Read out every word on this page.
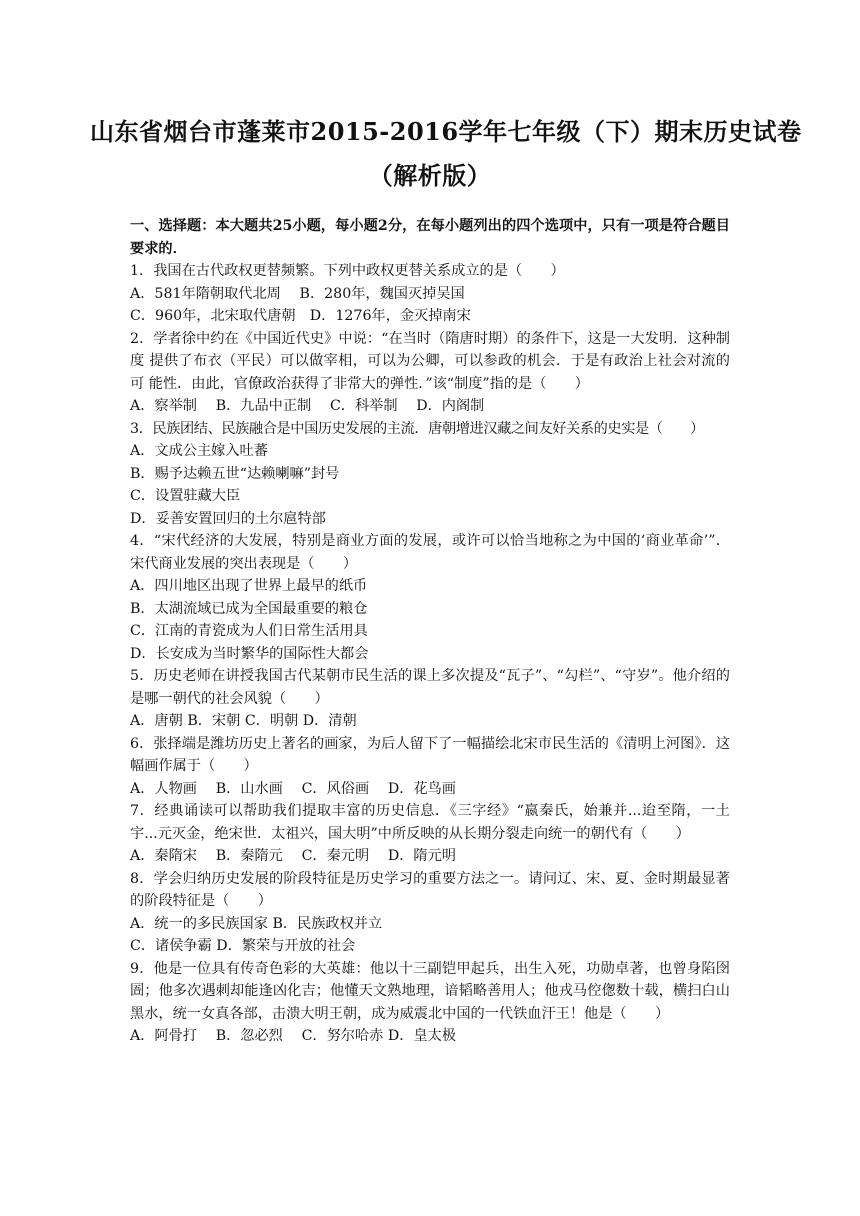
山东省烟台市蓬莱市2015-2016学年七年级（下）期末历史试卷
（解析版）
一、选择题：本大题共25小题，每小题2分，在每小题列出的四个选项中，只有一项是符合题目要求的．
1．我国在古代政权更替频繁。下列中政权更替关系成立的是（　　）
A．581年隋朝取代北周　 B．280年，魏国灭掉吴国
C．960年，北宋取代唐朝　D．1276年，金灭掉南宋
2．学者徐中约在《中国近代史》中说：“在当时（隋唐时期）的条件下，这是一大发明．这种制度 提供了布衣（平民）可以做宰相，可以为公卿，可以参政的机会．于是有政治上社会对流的可 能性．由此，官僚政治获得了非常大的弹性．”该“制度”指的是（　　）
A．察举制　 B．九品中正制　 C．科举制　 D．内阁制
3．民族团结、民族融合是中国历史发展的主流．唐朝增进汉藏之间友好关系的史实是（　　）
A．文成公主嫁入吐蕃
B．赐予达赖五世“达赖喇嘛”封号
C．设置驻藏大臣
D．妥善安置回归的土尔扈特部
4．“宋代经济的大发展，特别是商业方面的发展，或许可以恰当地称之为中国的‘商业革命’”．宋代商业发展的突出表现是（　　）
A．四川地区出现了世界上最早的纸币
B．太湖流域已成为全国最重要的粮仓
C．江南的青瓷成为人们日常生活用具
D．长安成为当时繁华的国际性大都会
5．历史老师在讲授我国古代某朝市民生活的课上多次提及“瓦子”、“勾栏”、“守岁”。他介绍的是哪一朝代的社会风貌（　　）
A．唐朝 B．宋朝 C．明朝 D．清朝
6．张择端是潍坊历史上著名的画家，为后人留下了一幅描绘北宋市民生活的《清明上河图》．这幅画作属于（　　）
A．人物画　 B．山水画　 C．风俗画　 D．花鸟画
7．经典诵读可以帮助我们提取丰富的历史信息．《三字经》“嬴秦氏，始兼并...迨至隋，一土宇...元灭金，绝宋世．太祖兴，国大明”中所反映的从长期分裂走向统一的朝代有（　　）
A．秦隋宋　 B．秦隋元　 C．秦元明　 D．隋元明
8．学会归纳历史发展的阶段特征是历史学习的重要方法之一。请问辽、宋、夏、金时期最显著的阶段特征是（　　）
A．统一的多民族国家 B．民族政权并立
C．诸侯争霸 D．繁荣与开放的社会
9．他是一位具有传奇色彩的大英雄：他以十三副铠甲起兵，出生入死，功勋卓著，也曾身陷囹圄；他多次遇刺却能逢凶化吉；他懂天文熟地理，谙韬略善用人；他戎马倥偬数十载，横扫白山黑水，统一女真各部，击溃大明王朝，成为威震北中国的一代铁血汗王！他是（　　）
A．阿骨打　 B．忽必烈　 C．努尔哈赤 D．皇太极
